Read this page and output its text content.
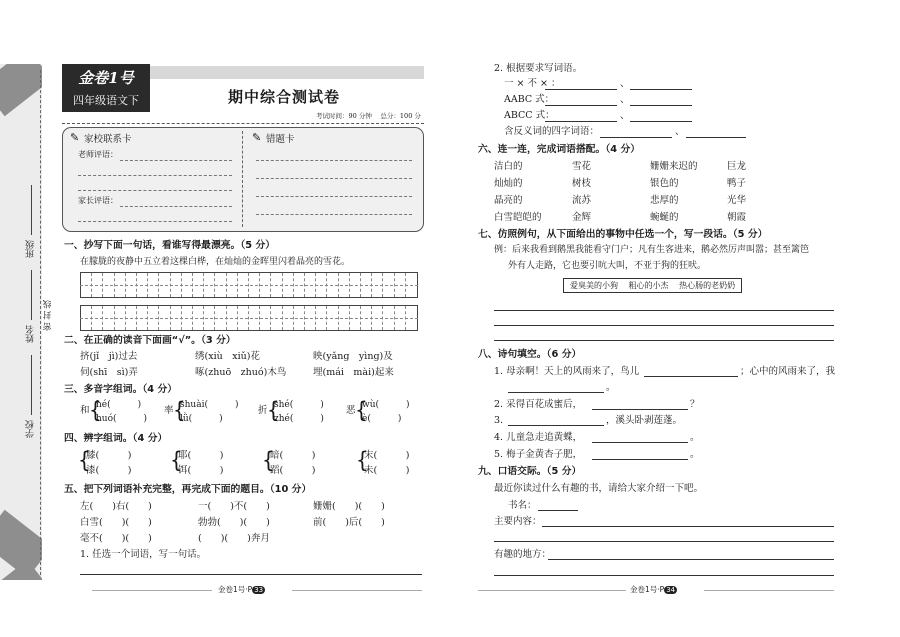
班级
姓名
密 封 线
学校
金卷1号
四年级语文下	期中综合测试卷
考试时间：90 分钟　 总分：100 分
✎ 家校联系卡
老师评语：
家长评语：
✎ 错题卡
一、抄写下面一句话，看谁写得最漂亮。（5 分）
在朦胧的夜静中五立着这棵白桦，在灿灿的金晖里闪着晶亮的雪花。
二、在正确的读音下面画“√”。（3 分）
挤(jǐ　jì)过去	绣(xiù　xiǔ)花	映(yǎng　yìng)及
伺(shī　sì)弄	啄(zhuō　zhuó)木鸟	埋(mái　mài)起来
三、多音字组词。（4 分）
和 {
hé(　　　)
huó(　　　)
率 {
shuài(　　　)
lǜ(　　　)
折 {
shé(　　　)
zhé(　　　)
恶 {
wù(　　　)
è(　　　)
四、辨字组词。（4 分）
{
膝(　　　)
漆(　　　) {
耶(　　　)
饵(　　　) {
暗(　　　)
蹈(　　　) {
末(　　　)
未(　　　)
五、把下列词语补充完整，再完成下面的题目。（10 分）
左(　　)右(　　)	一(　　)不(　　)	姗姗(　　)(　　)
白雪(　　)(　　)	勃勃(　　)(　　)	前(　　)后(　　)
毫不(　　)(　　)	(　　)(　　)奔月
1. 任选一个词语，写一句话。
金卷1号·P 33
2. 根据要求写词语。
一 × 不 × ：	、
AABC 式：	、
ABCC 式：	、
含反义词的四字词语：	、
六、连一连，完成词语搭配。（4 分）
洁白的	雪花
灿灿的	树枝
晶亮的	流苏
白雪皑皑的	金辉
姗姗来迟的	巨龙
银色的	鸭子
悲厚的	光华
蜿蜒的	朝霞
七、仿照例句，从下面给出的事物中任选一个，写一段话。（5 分）
例：后来我看到鹅黑我能看守门户；凡有生客进来，鹅必然厉声叫嚣；甚至篱笆
外有人走路，它也要引吭大叫，不亚于狗的狂吠。
爱臭美的小狗　 粗心的小杰　 热心肠的老奶奶
八、诗句填空。（6 分）
1. 母亲啊！天上的风雨来了，鸟儿	；心中的风雨来了，我
。
2. 采得百花成蜜后，	？
3.	，溪头卧剥莲蓬。
4. 儿童急走追黄蝶，	。
5. 梅子金黄杏子肥，	。
九、口语交际。（5 分）
最近你读过什么有趣的书，请给大家介绍一下吧。
书名：
主要内容：
有趣的地方：
金卷1号·P 34
